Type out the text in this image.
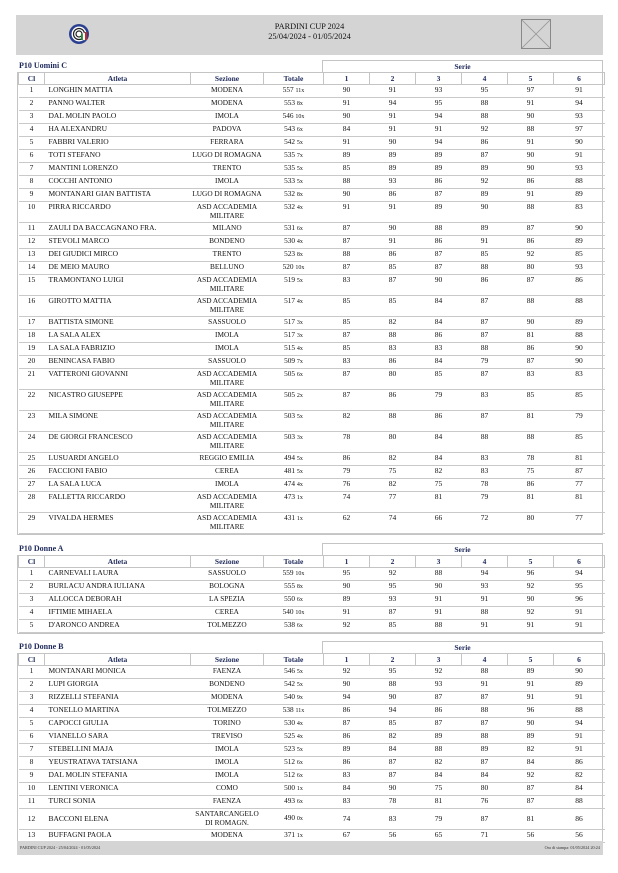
PARDINI CUP 2024
25/04/2024 - 01/05/2024
P10 Uomini C	Serie
Cl	Atleta	Sezione	Totale	1	2	3	4	5	6
1	LONGHIN MATTIA	MODENA	557 11x	90	91	93	95	97	91
2	PANNO WALTER	MODENA	553 8x	91	94	95	88	91	94
3	DAL MOLIN PAOLO	IMOLA	546 10x	90	91	94	88	90	93
4	HA ALEXANDRU	PADOVA	543 6x	84	91	91	92	88	97
5	FABBRI VALERIO	FERRARA	542 5x	91	90	94	86	91	90
6	TOTI STEFANO	LUGO DI ROMAGNA	535 7x	89	89	89	87	90	91
7	MANTINI LORENZO	TRENTO	535 5x	85	89	89	89	90	93
8	COCCHI ANTONIO	IMOLA	533 5x	88	93	86	92	86	88
9	MONTANARI GIAN BATTISTA	LUGO DI ROMAGNA	532 8x	90	86	87	89	91	89
10	PIRRA RICCARDO	ASD ACCADEMIA
MILITARE	532 4x	91	91	89	90	88	83
11	ZAULI DA BACCAGNANO FRA.	MILANO	531 6x	87	90	88	89	87	90
12	STEVOLI MARCO	BONDENO	530 4x	87	91	86	91	86	89
13	DEI GIUDICI MIRCO	TRENTO	523 8x	88	86	87	85	92	85
14	DE MEIO MAURO	BELLUNO	520 10x	87	85	87	88	80	93
15	TRAMONTANO LUIGI	ASD ACCADEMIA
MILITARE	519 5x	83	87	90	86	87	86
16	GIROTTO MATTIA	ASD ACCADEMIA
MILITARE	517 4x	85	85	84	87	88	88
17	BATTISTA SIMONE	SASSUOLO	517 3x	85	82	84	87	90	89
18	LA SALA ALEX	IMOLA	517 3x	87	88	86	87	81	88
19	LA SALA FABRIZIO	IMOLA	515 4x	85	83	83	88	86	90
20	BENINCASA FABIO	SASSUOLO	509 7x	83	86	84	79	87	90
21	VATTERONI GIOVANNI	ASD ACCADEMIA
MILITARE	505 6x	87	80	85	87	83	83
22	NICASTRO GIUSEPPE	ASD ACCADEMIA
MILITARE	505 2x	87	86	79	83	85	85
23	MILA SIMONE	ASD ACCADEMIA
MILITARE	503 5x	82	88	86	87	81	79
24	DE GIORGI FRANCESCO	ASD ACCADEMIA
MILITARE	503 3x	78	80	84	88	88	85
25	LUSUARDI ANGELO	REGGIO EMILIA	494 5x	86	82	84	83	78	81
26	FACCIONI FABIO	CEREA	481 5x	79	75	82	83	75	87
27	LA SALA LUCA	IMOLA	474 4x	76	82	75	78	86	77
28	FALLETTA RICCARDO	ASD ACCADEMIA
MILITARE	473 1x	74	77	81	79	81	81
29	VIVALDA HERMES	ASD ACCADEMIA
MILITARE	431 1x	62	74	66	72	80	77
P10 Donne A	Serie
Cl	Atleta	Sezione	Totale	1	2	3	4	5	6
1	CARNEVALI LAURA	SASSUOLO	559 10x	95	92	88	94	96	94
2	BURLACU ANDRA IULIANA	BOLOGNA	555 8x	90	95	90	93	92	95
3	ALLOCCA DEBORAH	LA SPEZIA	550 6x	89	93	91	91	90	96
4	IFTIMIE MIHAELA	CEREA	540 10x	91	87	91	88	92	91
5	D'ARONCO ANDREA	TOLMEZZO	538 6x	92	85	88	91	91	91
P10 Donne B	Serie
Cl	Atleta	Sezione	Totale	1	2	3	4	5	6
1	MONTANARI MONICA	FAENZA	546 5x	92	95	92	88	89	90
2	LUPI GIORGIA	BONDENO	542 5x	90	88	93	91	91	89
3	RIZZELLI STEFANIA	MODENA	540 9x	94	90	87	87	91	91
4	TONELLO MARTINA	TOLMEZZO	538 11x	86	94	86	88	96	88
5	CAPOCCI GIULIA	TORINO	530 4x	87	85	87	87	90	94
6	VIANELLO SARA	TREVISO	525 4x	86	82	89	88	89	91
7	STEBELLINI MAJA	IMOLA	523 5x	89	84	88	89	82	91
8	YEUSTRATAVA TATSIANA	IMOLA	512 6x	86	87	82	87	84	86
9	DAL MOLIN STEFANIA	IMOLA	512 6x	83	87	84	84	92	82
10	LENTINI VERONICA	COMO	500 1x	84	90	75	80	87	84
11	TURCI SONIA	FAENZA	493 6x	83	78	81	76	87	88
12	BACCONI ELENA	SANTARCANGELO
DI ROMAGN.	490 0x	74	83	79	87	81	86
13	BUFFAGNI PAOLA	MODENA	371 1x	67	56	65	71	56	56
PARDINI CUP 2024 - 25/04/2024 - 01/05/2024	Ora di stampa: 01/05/2024 20:24
